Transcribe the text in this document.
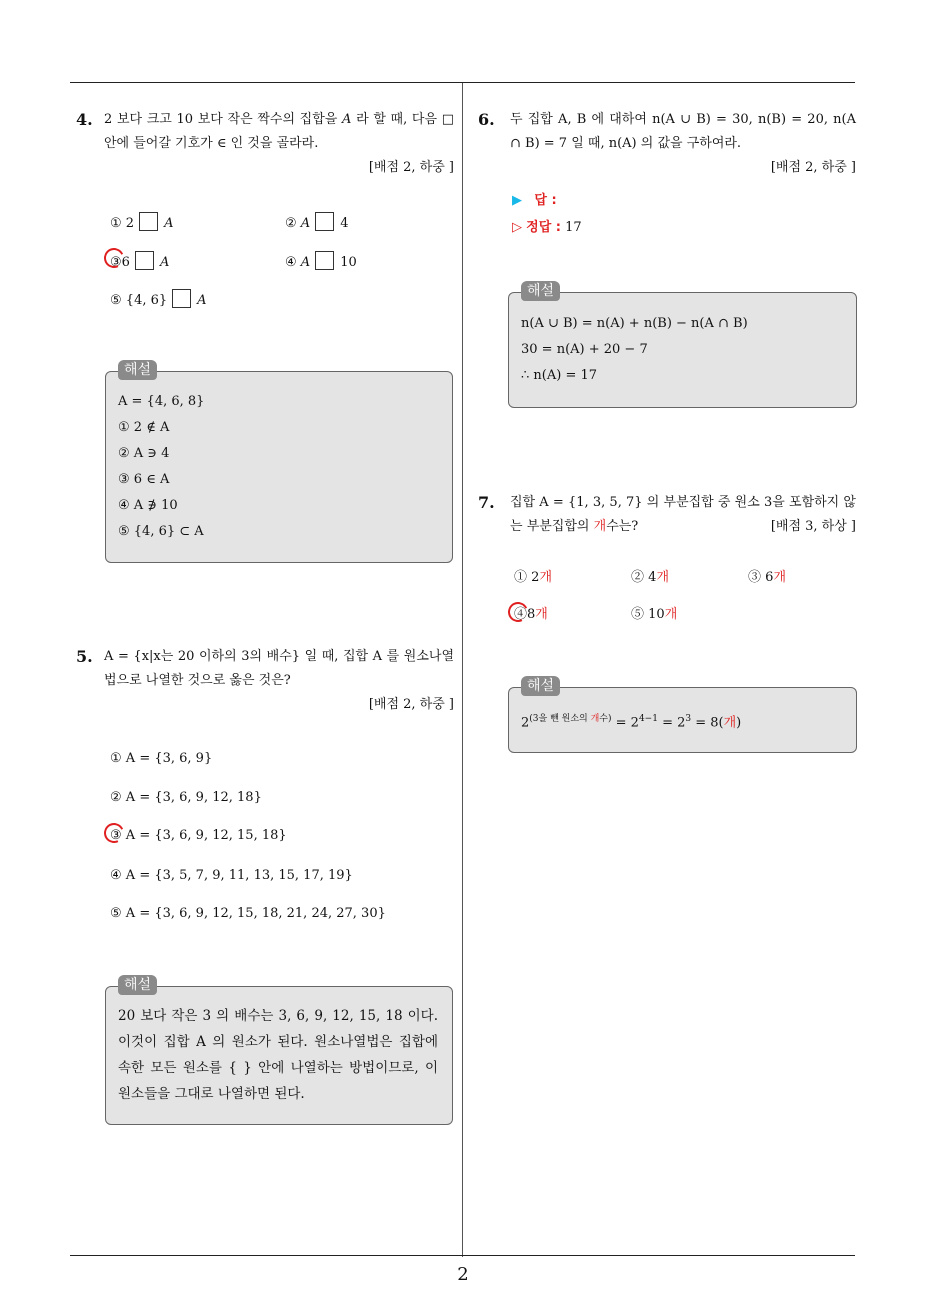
2
4. 2 보다 크고 10 보다 작은 짝수의 집합을 A 라 할 때, 다음 □ 안에 들어갈 기호가 ∈ 인 것을 골라라.
[배점 2, 하중 ]
① 2 A	② A 4
③6 A	④ A 10
⑤ {4, 6} A
해설
A = {4, 6, 8}
① 2 ∉ A
② A ∋ 4
③ 6 ∈ A
④ A ∌ 10
⑤ {4, 6} ⊂ A
5. A = {x|x는 20 이하의 3의 배수} 일 때, 집합 A 를 원소나열법으로 나열한 것으로 옳은 것은?
[배점 2, 하중 ]
① A = {3, 6, 9}
② A = {3, 6, 9, 12, 18}
③ A = {3, 6, 9, 12, 15, 18}
④ A = {3, 5, 7, 9, 11, 13, 15, 17, 19}
⑤ A = {3, 6, 9, 12, 15, 18, 21, 24, 27, 30}
해설
20 보다 작은 3 의 배수는 3, 6, 9, 12, 15, 18 이다. 이것이 집합 A 의 원소가 된다. 원소나열법은 집합에 속한 모든 원소를 { } 안에 나열하는 방법이므로, 이 원소들을 그대로 나열하면 된다.
6. 두 집합 A, B 에 대하여 n(A ∪ B) = 30, n(B) = 20, n(A ∩ B) = 7 일 때, n(A) 의 값을 구하여라.
[배점 2, 하중 ]
▶ 답 :
▷ 정답 : 17
해설
n(A ∪ B) = n(A) + n(B) − n(A ∩ B)
30 = n(A) + 20 − 7
∴ n(A) = 17
7. 집합 A = {1, 3, 5, 7} 의 부분집합 중 원소 3을 포함하지 않는 부분집합의 개수는?	[배점 3, 하상 ]
① 2개	② 4개	③ 6개
④8개	⑤ 10개
해설
$2^{(3을 뺀 원소의 개수)} = 2^{4-1} = 2^3 = 8$(개)
